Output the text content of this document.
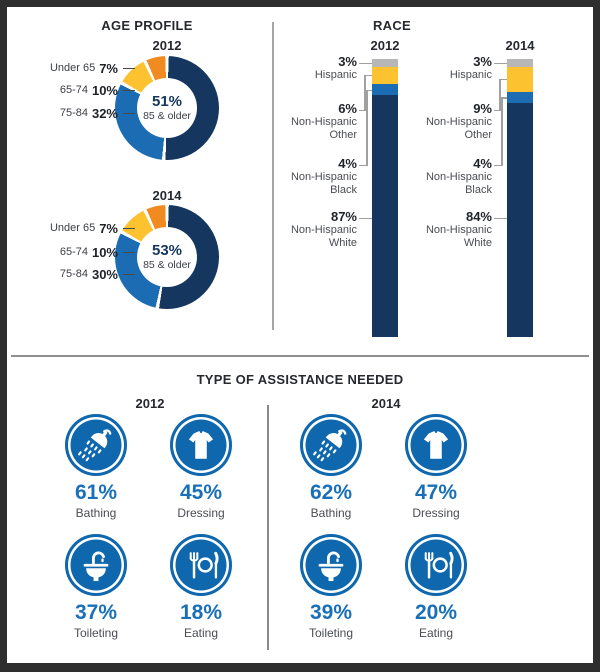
AGE PROFILE
2012
51%
85 & older
Under 65 7%
65-74 10%
75-84 32%
2014
53%
85 & older
Under 65 7%
65-74 10%
75-84 30%
RACE
2012
3%
Hispanic
6%
Non-Hispanic
Other
4%
Non-Hispanic
Black
87%
Non-Hispanic
White
2014
3%
Hispanic
9%
Non-Hispanic
Other
4%
Non-Hispanic
Black
84%
Non-Hispanic
White
TYPE OF ASSISTANCE NEEDED
2012	2014
61%
Bathing
45%
Dressing
37%
Toileting
18%
Eating
62%
Bathing
47%
Dressing
39%
Toileting
20%
Eating
